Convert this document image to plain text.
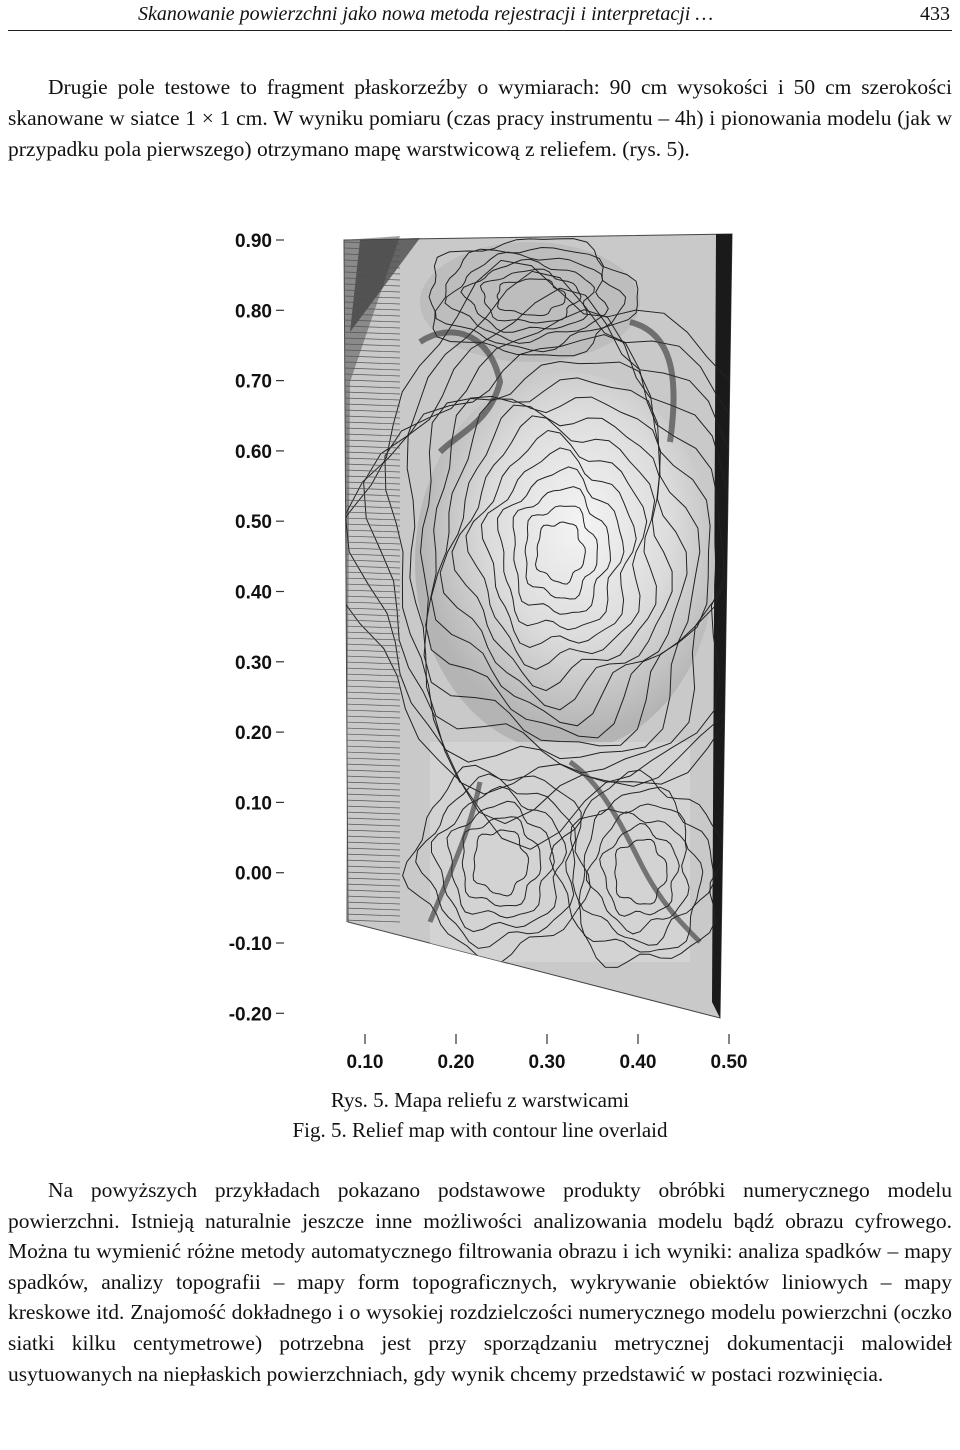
Skanowanie powierzchni jako nowa metoda rejestracji i interpretacji …	433

Drugie pole testowe to fragment płaskorzeźby o wymiarach: 90 cm wysokości i 50 cm szerokości skanowane w siatce 1 × 1 cm. W wyniku pomiaru (czas pracy instrumentu – 4h) i pionowania modelu (jak w przypadku pola pierwszego) otrzymano mapę warstwicową z reliefem. (rys. 5).

0.90
0.80
0.70
0.60
0.50
0.40
0.30
0.20
0.10
0.00
-0.10
-0.20
0.10	0.20	0.30	0.40	0.50
Rys. 5. Mapa reliefu z warstwicami
Fig. 5. Relief map with contour line overlaid

Na powyższych przykładach pokazano podstawowe produkty obróbki numerycznego modelu powierzchni. Istnieją naturalnie jeszcze inne możliwości analizowania modelu bądź obrazu cyfrowego. Można tu wymienić różne metody automatycznego filtrowania obrazu i ich wyniki: analiza spadków – mapy spadków, analizy topografii – mapy form topograficznych, wykrywanie obiektów liniowych – mapy kreskowe itd. Znajomość dokładnego i o wysokiej rozdzielczości numerycznego modelu powierzchni (oczko siatki kilku centymetrowe) potrzebna jest przy sporządzaniu metrycznej dokumentacji malowideł usytuowanych na niepłaskich powierzchniach, gdy wynik chcemy przedstawić w postaci rozwinięcia.
